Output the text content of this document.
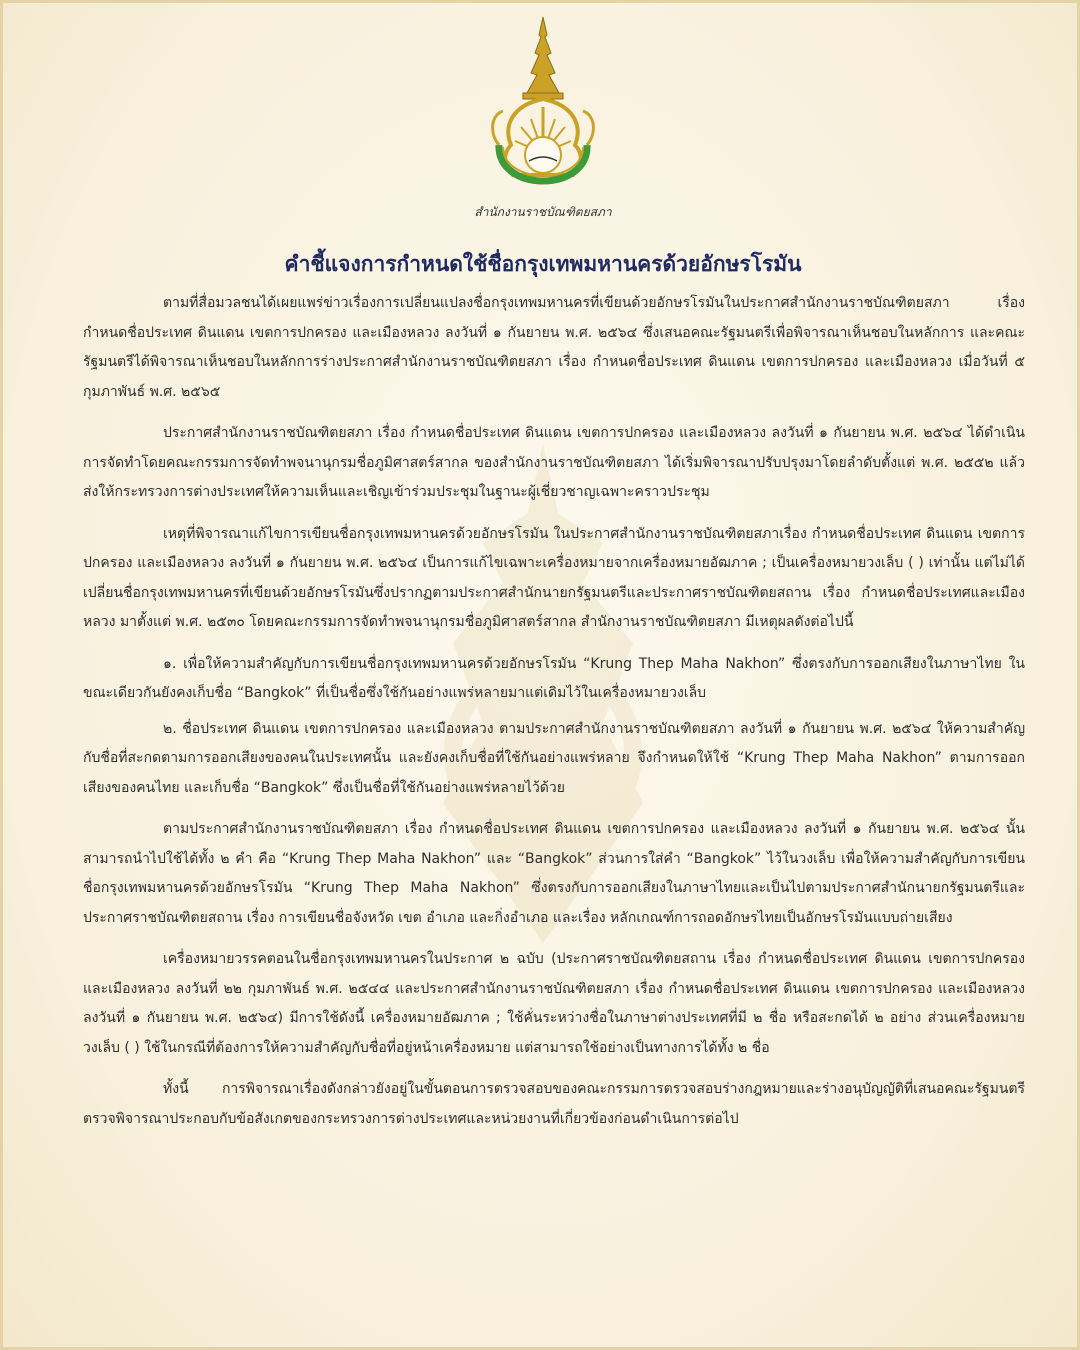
สำนักงานราชบัณฑิตยสภา
คำชี้แจงการกำหนดใช้ชื่อกรุงเทพมหานครด้วยอักษรโรมัน

ตามที่สื่อมวลชนได้เผยแพร่ข่าวเรื่องการเปลี่ยนแปลงชื่อกรุงเทพมหานครที่เขียนด้วยอักษรโรมันในประกาศสำนักงานราชบัณฑิตยสภา เรื่อง กำหนดชื่อประเทศ ดินแดน เขตการปกครอง และเมืองหลวง ลงวันที่ ๑ กันยายน พ.ศ. ๒๕๖๔ ซึ่งเสนอคณะรัฐมนตรีเพื่อพิจารณาเห็นชอบในหลักการ และคณะรัฐมนตรีได้พิจารณาเห็นชอบในหลักการร่างประกาศสำนักงานราชบัณฑิตยสภา เรื่อง กำหนดชื่อประเทศ ดินแดน เขตการปกครอง และเมืองหลวง เมื่อวันที่ ๕ กุมภาพันธ์ พ.ศ. ๒๕๖๕

ประกาศสำนักงานราชบัณฑิตยสภา เรื่อง กำหนดชื่อประเทศ ดินแดน เขตการปกครอง และเมืองหลวง ลงวันที่ ๑ กันยายน พ.ศ. ๒๕๖๔ ได้ดำเนินการจัดทำโดยคณะกรรมการจัดทำพจนานุกรมชื่อภูมิศาสตร์สากล ของสำนักงานราชบัณฑิตยสภา ได้เริ่มพิจารณาปรับปรุงมาโดยลำดับตั้งแต่ พ.ศ. ๒๕๕๒ แล้วส่งให้กระทรวงการต่างประเทศให้ความเห็นและเชิญเข้าร่วมประชุมในฐานะผู้เชี่ยวชาญเฉพาะคราวประชุม

เหตุที่พิจารณาแก้ไขการเขียนชื่อกรุงเทพมหานครด้วยอักษรโรมัน ในประกาศสำนักงานราชบัณฑิตยสภาเรื่อง กำหนดชื่อประเทศ ดินแดน เขตการปกครอง และเมืองหลวง ลงวันที่ ๑ กันยายน พ.ศ. ๒๕๖๔ เป็นการแก้ไขเฉพาะเครื่องหมายจากเครื่องหมายอัฒภาค ; เป็นเครื่องหมายวงเล็บ ( ) เท่านั้น แต่ไม่ได้เปลี่ยนชื่อกรุงเทพมหานครที่เขียนด้วยอักษรโรมันซึ่งปรากฏตามประกาศสำนักนายกรัฐมนตรีและประกาศราชบัณฑิตยสถาน เรื่อง กำหนดชื่อประเทศและเมืองหลวง มาตั้งแต่ พ.ศ. ๒๕๓๐ โดยคณะกรรมการจัดทำพจนานุกรมชื่อภูมิศาสตร์สากล สำนักงานราชบัณฑิตยสภา มีเหตุผลดังต่อไปนี้

๑. เพื่อให้ความสำคัญกับการเขียนชื่อกรุงเทพมหานครด้วยอักษรโรมัน “Krung Thep Maha Nakhon” ซึ่งตรงกับการออกเสียงในภาษาไทย ในขณะเดียวกันยังคงเก็บชื่อ “Bangkok” ที่เป็นชื่อซึ่งใช้กันอย่างแพร่หลายมาแต่เดิมไว้ในเครื่องหมายวงเล็บ

๒. ชื่อประเทศ ดินแดน เขตการปกครอง และเมืองหลวง ตามประกาศสำนักงานราชบัณฑิตยสภา ลงวันที่ ๑ กันยายน พ.ศ. ๒๕๖๔ ให้ความสำคัญกับชื่อที่สะกดตามการออกเสียงของคนในประเทศนั้น และยังคงเก็บชื่อที่ใช้กันอย่างแพร่หลาย จึงกำหนดให้ใช้ “Krung Thep Maha Nakhon” ตามการออกเสียงของคนไทย และเก็บชื่อ “Bangkok” ซึ่งเป็นชื่อที่ใช้กันอย่างแพร่หลายไว้ด้วย

ตามประกาศสำนักงานราชบัณฑิตยสภา เรื่อง กำหนดชื่อประเทศ ดินแดน เขตการปกครอง และเมืองหลวง ลงวันที่ ๑ กันยายน พ.ศ. ๒๕๖๔ นั้น สามารถนำไปใช้ได้ทั้ง ๒ คำ คือ “Krung Thep Maha Nakhon” และ “Bangkok” ส่วนการใส่คำ “Bangkok” ไว้ในวงเล็บ เพื่อให้ความสำคัญกับการเขียนชื่อกรุงเทพมหานครด้วยอักษรโรมัน “Krung Thep Maha Nakhon” ซึ่งตรงกับการออกเสียงในภาษาไทยและเป็นไปตามประกาศสำนักนายกรัฐมนตรีและประกาศราชบัณฑิตยสถาน เรื่อง การเขียนชื่อจังหวัด เขต อำเภอ และกิ่งอำเภอ และเรื่อง หลักเกณฑ์การถอดอักษรไทยเป็นอักษรโรมันแบบถ่ายเสียง

เครื่องหมายวรรคตอนในชื่อกรุงเทพมหานครในประกาศ ๒ ฉบับ (ประกาศราชบัณฑิตยสถาน เรื่อง กำหนดชื่อประเทศ ดินแดน เขตการปกครอง และเมืองหลวง ลงวันที่ ๒๒ กุมภาพันธ์ พ.ศ. ๒๕๔๔ และประกาศสำนักงานราชบัณฑิตยสภา เรื่อง กำหนดชื่อประเทศ ดินแดน เขตการปกครอง และเมืองหลวง ลงวันที่ ๑ กันยายน พ.ศ. ๒๕๖๔) มีการใช้ดังนี้ เครื่องหมายอัฒภาค ; ใช้คั่นระหว่างชื่อในภาษาต่างประเทศที่มี ๒ ชื่อ หรือสะกดได้ ๒ อย่าง ส่วนเครื่องหมายวงเล็บ ( ) ใช้ในกรณีที่ต้องการให้ความสำคัญกับชื่อที่อยู่หน้าเครื่องหมาย แต่สามารถใช้อย่างเป็นทางการได้ทั้ง ๒ ชื่อ

ทั้งนี้ การพิจารณาเรื่องดังกล่าวยังอยู่ในขั้นตอนการตรวจสอบของคณะกรรมการตรวจสอบร่างกฎหมายและร่างอนุบัญญัติที่เสนอคณะรัฐมนตรีตรวจพิจารณาประกอบกับข้อสังเกตของกระทรวงการต่างประเทศและหน่วยงานที่เกี่ยวข้องก่อนดำเนินการต่อไป
